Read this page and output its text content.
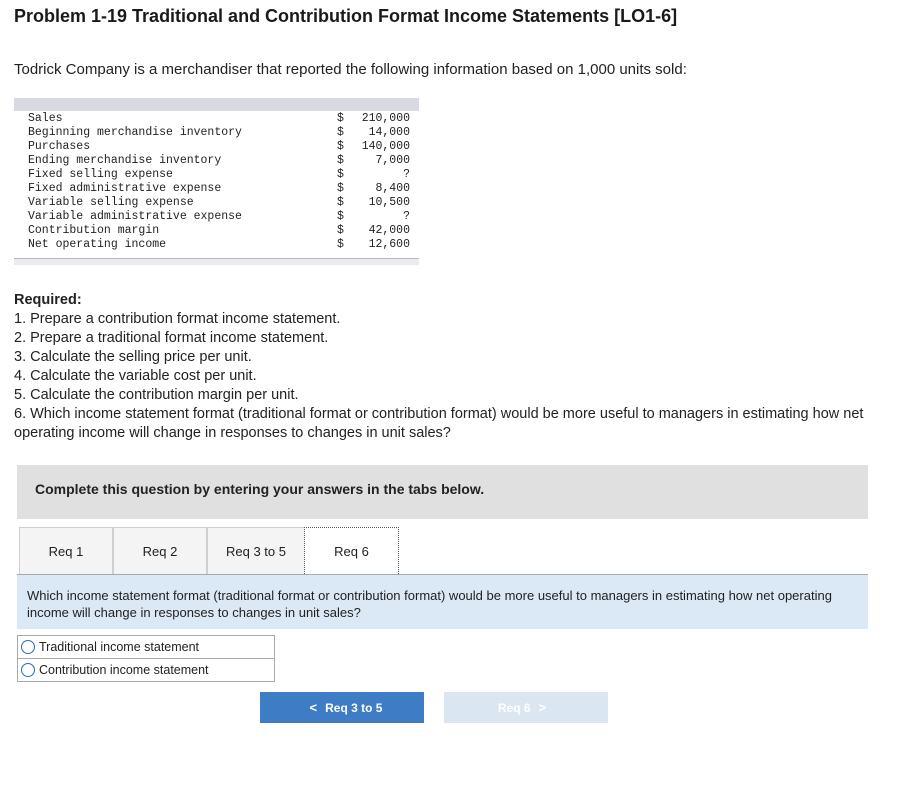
Problem 1-19 Traditional and Contribution Format Income Statements [LO1-6]
Todrick Company is a merchandiser that reported the following information based on 1,000 units sold:
Sales	$ 210,000
Beginning merchandise inventory	$ 14,000
Purchases	$ 140,000
Ending merchandise inventory	$	7,000
Fixed selling expense	$	?
Fixed administrative expense	$	8,400
Variable selling expense	$ 10,500
Variable administrative expense	$	?
Contribution margin	$ 42,000
Net operating income	$ 12,600
Required:
1. Prepare a contribution format income statement.
2. Prepare a traditional format income statement.
3. Calculate the selling price per unit.
4. Calculate the variable cost per unit.
5. Calculate the contribution margin per unit.
6. Which income statement format (traditional format or contribution format) would be more useful to managers in estimating how net
operating income will change in responses to changes in unit sales?
Complete this question by entering your answers in the tabs below.
Req 1	Req 2	Req 3 to 5	Req 6
Which income statement format (traditional format or contribution format) would be more useful to managers in estimating how net operating income will change in responses to changes in unit sales?
Traditional income statement
Contribution income statement
< Req 3 to 5	Req 6 >
